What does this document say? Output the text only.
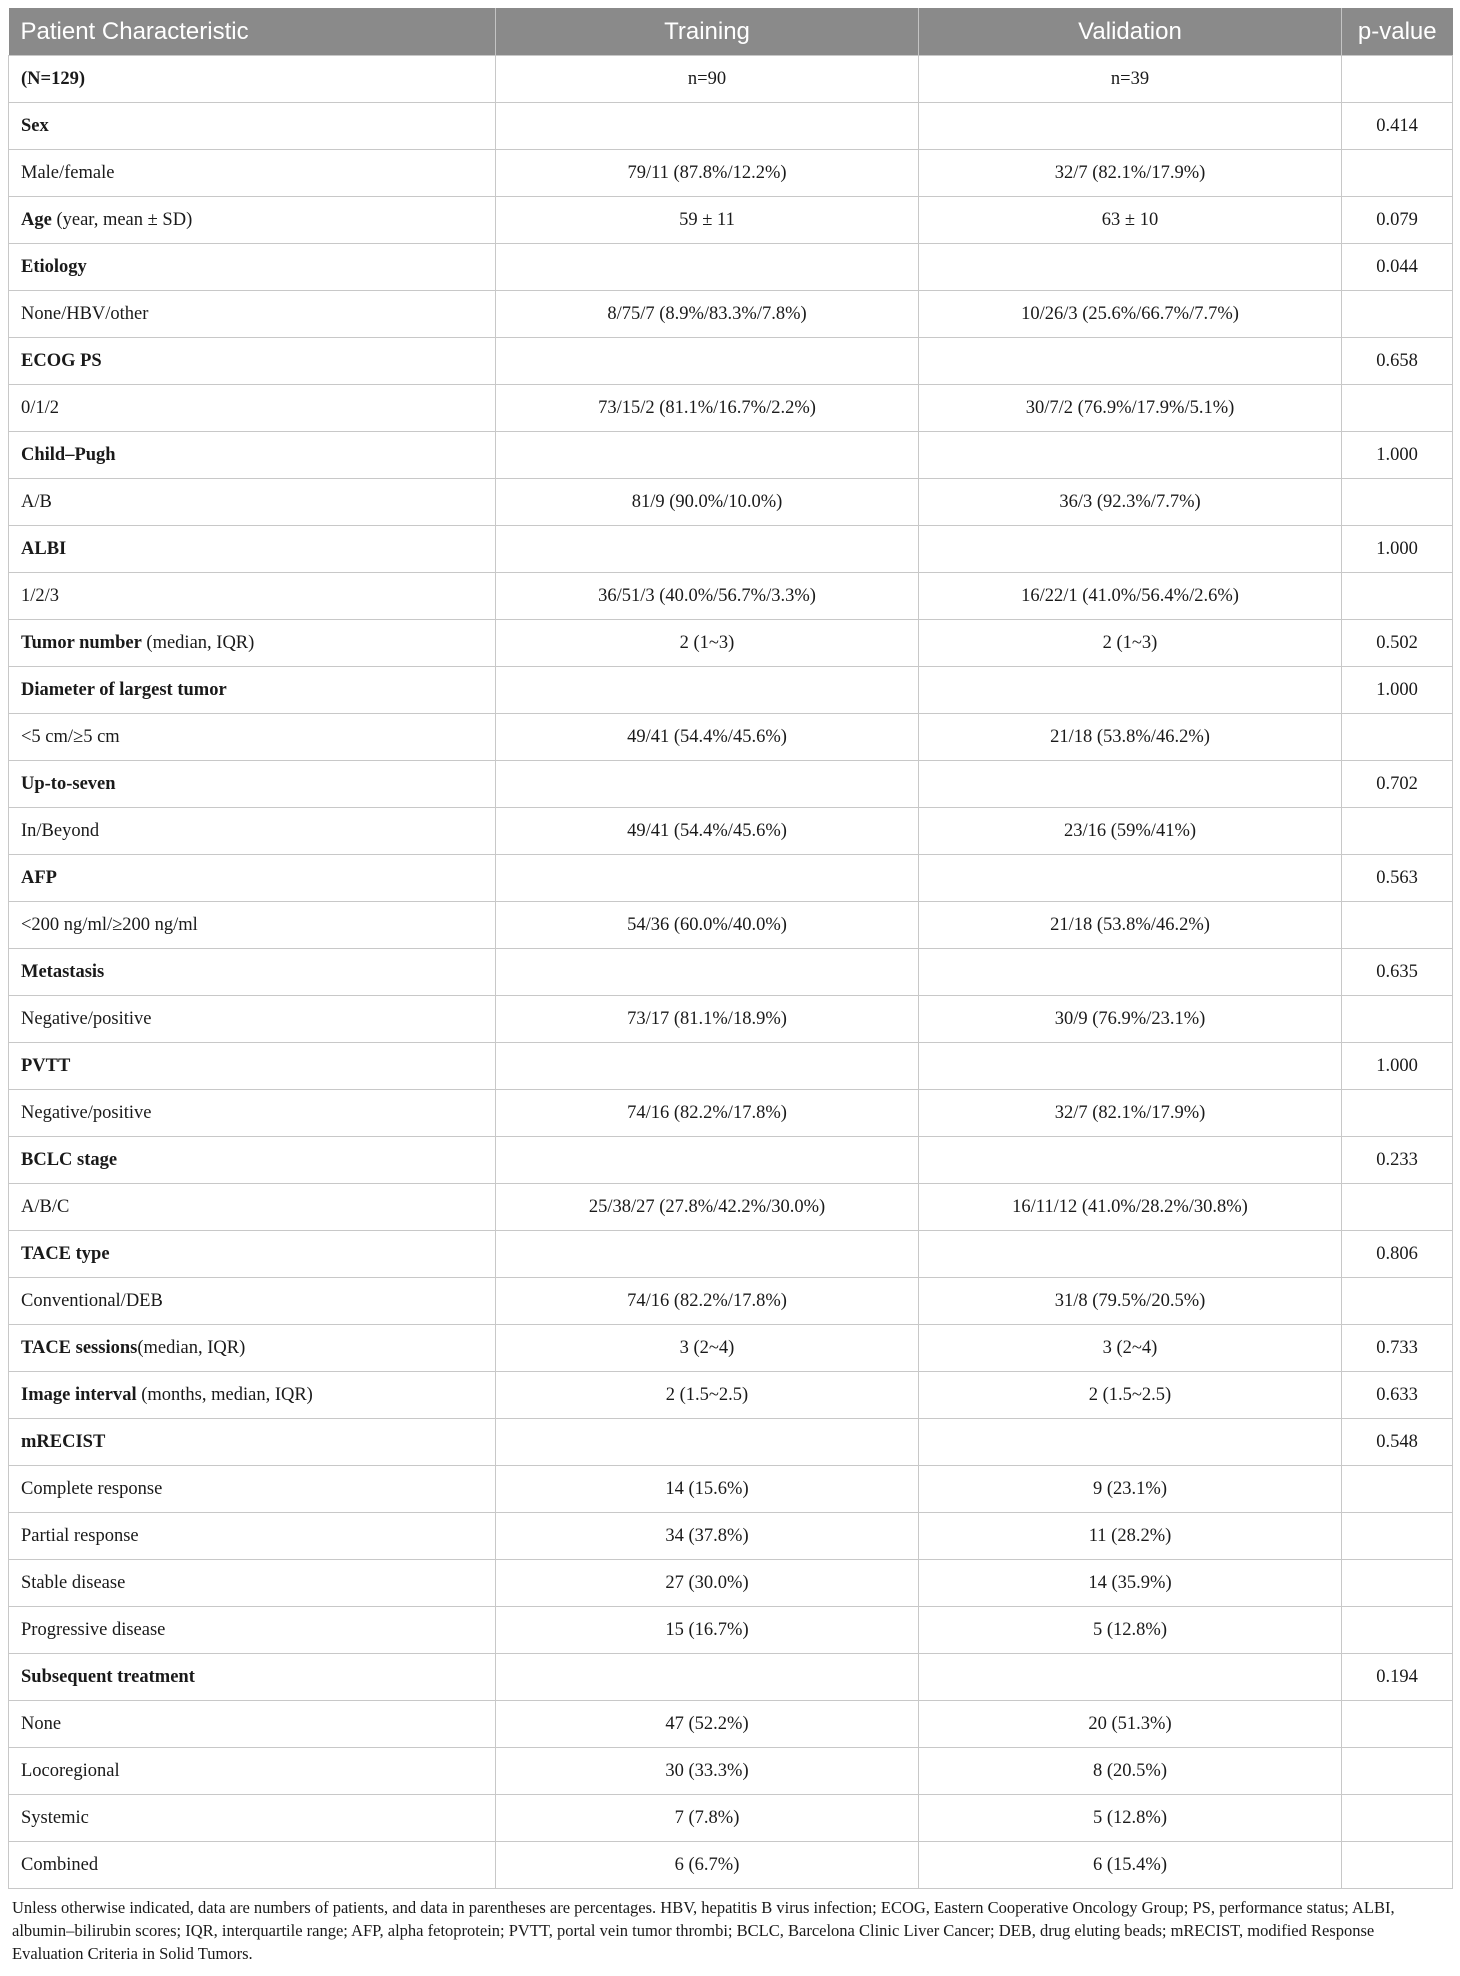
Patient Characteristic	Training	Validation	p-value
(N=129)	n=90	n=39	
Sex			0.414
Male/female	79/11 (87.8%/12.2%)	32/7 (82.1%/17.9%)	
Age (year, mean ± SD)	59 ± 11	63 ± 10	0.079
Etiology			0.044
None/HBV/other	8/75/7 (8.9%/83.3%/7.8%)	10/26/3 (25.6%/66.7%/7.7%)	
ECOG PS			0.658
0/1/2	73/15/2 (81.1%/16.7%/2.2%)	30/7/2 (76.9%/17.9%/5.1%)	
Child–Pugh			1.000
A/B	81/9 (90.0%/10.0%)	36/3 (92.3%/7.7%)	
ALBI			1.000
1/2/3	36/51/3 (40.0%/56.7%/3.3%)	16/22/1 (41.0%/56.4%/2.6%)	
Tumor number (median, IQR)	2 (1~3)	2 (1~3)	0.502
Diameter of largest tumor			1.000
<5 cm/≥5 cm	49/41 (54.4%/45.6%)	21/18 (53.8%/46.2%)	
Up-to-seven			0.702
In/Beyond	49/41 (54.4%/45.6%)	23/16 (59%/41%)	
AFP			0.563
<200 ng/ml/≥200 ng/ml	54/36 (60.0%/40.0%)	21/18 (53.8%/46.2%)	
Metastasis			0.635
Negative/positive	73/17 (81.1%/18.9%)	30/9 (76.9%/23.1%)	
PVTT			1.000
Negative/positive	74/16 (82.2%/17.8%)	32/7 (82.1%/17.9%)	
BCLC stage			0.233
A/B/C	25/38/27 (27.8%/42.2%/30.0%)	16/11/12 (41.0%/28.2%/30.8%)	
TACE type			0.806
Conventional/DEB	74/16 (82.2%/17.8%)	31/8 (79.5%/20.5%)	
TACE sessions(median, IQR)	3 (2~4)	3 (2~4)	0.733
Image interval (months, median, IQR)	2 (1.5~2.5)	2 (1.5~2.5)	0.633
mRECIST			0.548
Complete response	14 (15.6%)	9 (23.1%)	
Partial response	34 (37.8%)	11 (28.2%)	
Stable disease	27 (30.0%)	14 (35.9%)	
Progressive disease	15 (16.7%)	5 (12.8%)	
Subsequent treatment			0.194
None	47 (52.2%)	20 (51.3%)	
Locoregional	30 (33.3%)	8 (20.5%)	
Systemic	7 (7.8%)	5 (12.8%)	
Combined	6 (6.7%)	6 (15.4%)	
Unless otherwise indicated, data are numbers of patients, and data in parentheses are percentages. HBV, hepatitis B virus infection; ECOG, Eastern Cooperative Oncology Group; PS, performance status; ALBI, albumin–bilirubin scores; IQR, interquartile range; AFP, alpha fetoprotein; PVTT, portal vein tumor thrombi; BCLC, Barcelona Clinic Liver Cancer; DEB, drug eluting beads; mRECIST, modified Response Evaluation Criteria in Solid Tumors.
